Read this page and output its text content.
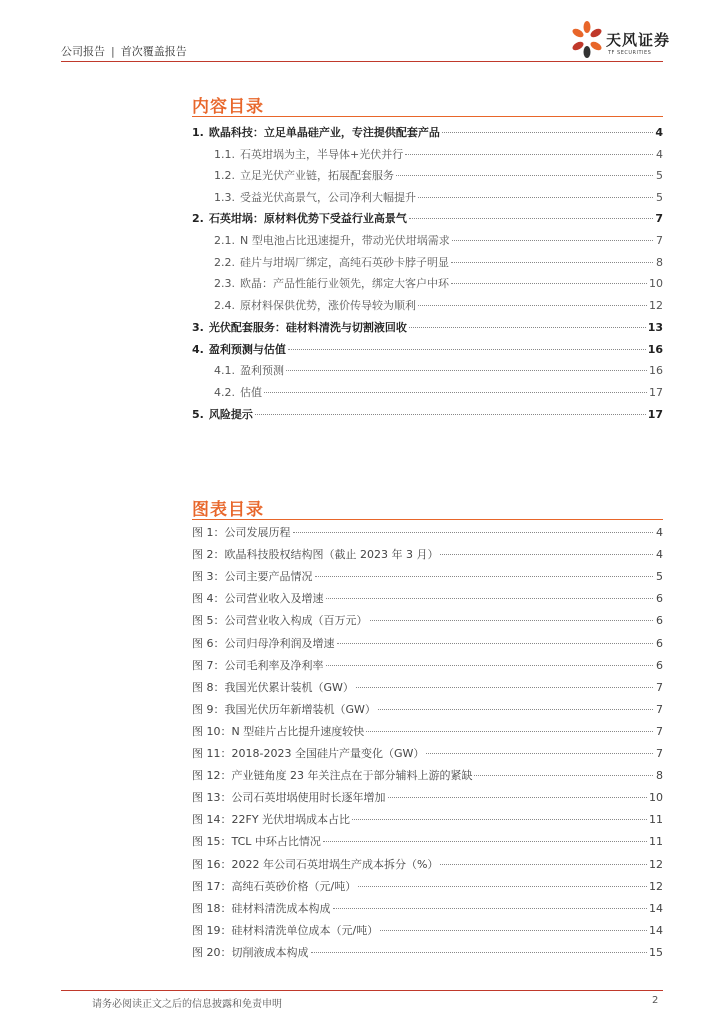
公司报告 | 首次覆盖报告
天风证券
TF SECURITIES
内容目录
1. 欧晶科技：立足单晶硅产业，专注提供配套产品	4
1.1. 石英坩埚为主，半导体+光伏并行	4
1.2. 立足光伏产业链，拓展配套服务	5
1.3. 受益光伏高景气，公司净利大幅提升	5
2. 石英坩埚：原材料优势下受益行业高景气	7
2.1. N 型电池占比迅速提升，带动光伏坩埚需求	7
2.2. 硅片与坩埚厂绑定，高纯石英砂卡脖子明显	8
2.3. 欧晶：产品性能行业领先，绑定大客户中环	10
2.4. 原材料保供优势，涨价传导较为顺利	12
3. 光伏配套服务：硅材料清洗与切割液回收	13
4. 盈利预测与估值	16
4.1. 盈利预测	16
4.2. 估值	17
5. 风险提示	17
图表目录
图 1：公司发展历程	4
图 2：欧晶科技股权结构图（截止 2023 年 3 月）	4
图 3：公司主要产品情况	5
图 4：公司营业收入及增速	6
图 5：公司营业收入构成（百万元）	6
图 6：公司归母净利润及增速	6
图 7：公司毛利率及净利率	6
图 8：我国光伏累计装机（GW）	7
图 9：我国光伏历年新增装机（GW）	7
图 10：N 型硅片占比提升速度较快	7
图 11：2018-2023 全国硅片产量变化（GW）	7
图 12：产业链角度 23 年关注点在于部分辅料上游的紧缺	8
图 13：公司石英坩埚使用时长逐年增加	10
图 14：22FY 光伏坩埚成本占比	11
图 15：TCL 中环占比情况	11
图 16：2022 年公司石英坩埚生产成本拆分（%）	12
图 17：高纯石英砂价格（元/吨）	12
图 18：硅材料清洗成本构成	14
图 19：硅材料清洗单位成本（元/吨）	14
图 20：切削液成本构成	15
请务必阅读正文之后的信息披露和免责申明	2
